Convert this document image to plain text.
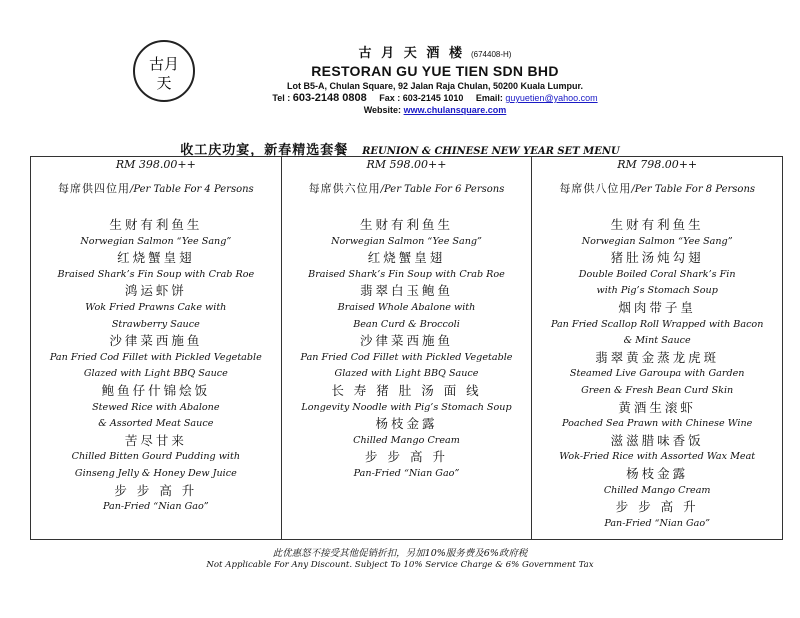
古月
天
古 月 天 酒 楼 (674408-H)
RESTORAN GU YUE TIEN SDN BHD
Lot B5-A, Chulan Square, 92 Jalan Raja Chulan, 50200 Kuala Lumpur.
Tel : 603-2148 0808 Fax : 603-2145 1010 Email: guyuetien@yahoo.com
Website: www.chulansquare.com
收工庆功宴，新春精选套餐 REUNION & CHINESE NEW YEAR SET MENU
RM 398.00++
每席供四位用/Per Table For 4 Persons
生财有利鱼生
Norwegian Salmon “Yee Sang”
红烧蟹皇翅
Braised Shark’s Fin Soup with Crab Roe
鸿运虾饼
Wok Fried Prawns Cake with
Strawberry Sauce
沙律菜西施鱼
Pan Fried Cod Fillet with Pickled Vegetable
Glazed with Light BBQ Sauce
鲍鱼仔什锦烩饭
Stewed Rice with Abalone
& Assorted Meat Sauce
苦尽甘来
Chilled Bitten Gourd Pudding with
Ginseng Jelly & Honey Dew Juice
步 步 高 升
Pan-Fried “Nian Gao”
RM 598.00++
每席供六位用/Per Table For 6 Persons
生财有利鱼生
Norwegian Salmon “Yee Sang”
红烧蟹皇翅
Braised Shark’s Fin Soup with Crab Roe
翡翠白玉鲍鱼
Braised Whole Abalone with
Bean Curd & Broccoli
沙律菜西施鱼
Pan Fried Cod Fillet with Pickled Vegetable
Glazed with Light BBQ Sauce
长 寿 猪 肚 汤 面 线
Longevity Noodle with Pig’s Stomach Soup
杨枝金露
Chilled Mango Cream
步 步 高 升
Pan-Fried “Nian Gao”
RM 798.00++
每席供八位用/Per Table For 8 Persons
生财有利鱼生
Norwegian Salmon “Yee Sang”
猪肚汤炖勾翅
Double Boiled Coral Shark’s Fin
with Pig’s Stomach Soup
烟肉带子皇
Pan Fried Scallop Roll Wrapped with Bacon
& Mint Sauce
翡翠黄金蒸龙虎斑
Steamed Live Garoupa with Garden
Green & Fresh Bean Curd Skin
黄酒生滚虾
Poached Sea Prawn with Chinese Wine
滋滋腊味香饭
Wok-Fried Rice with Assorted Wax Meat
杨枝金露
Chilled Mango Cream
步 步 高 升
Pan-Fried “Nian Gao”
此优惠怒不接受其他促销折扣，另加10%服务费及6%政府税
Not Applicable For Any Discount. Subject To 10% Service Charge & 6% Government Tax
